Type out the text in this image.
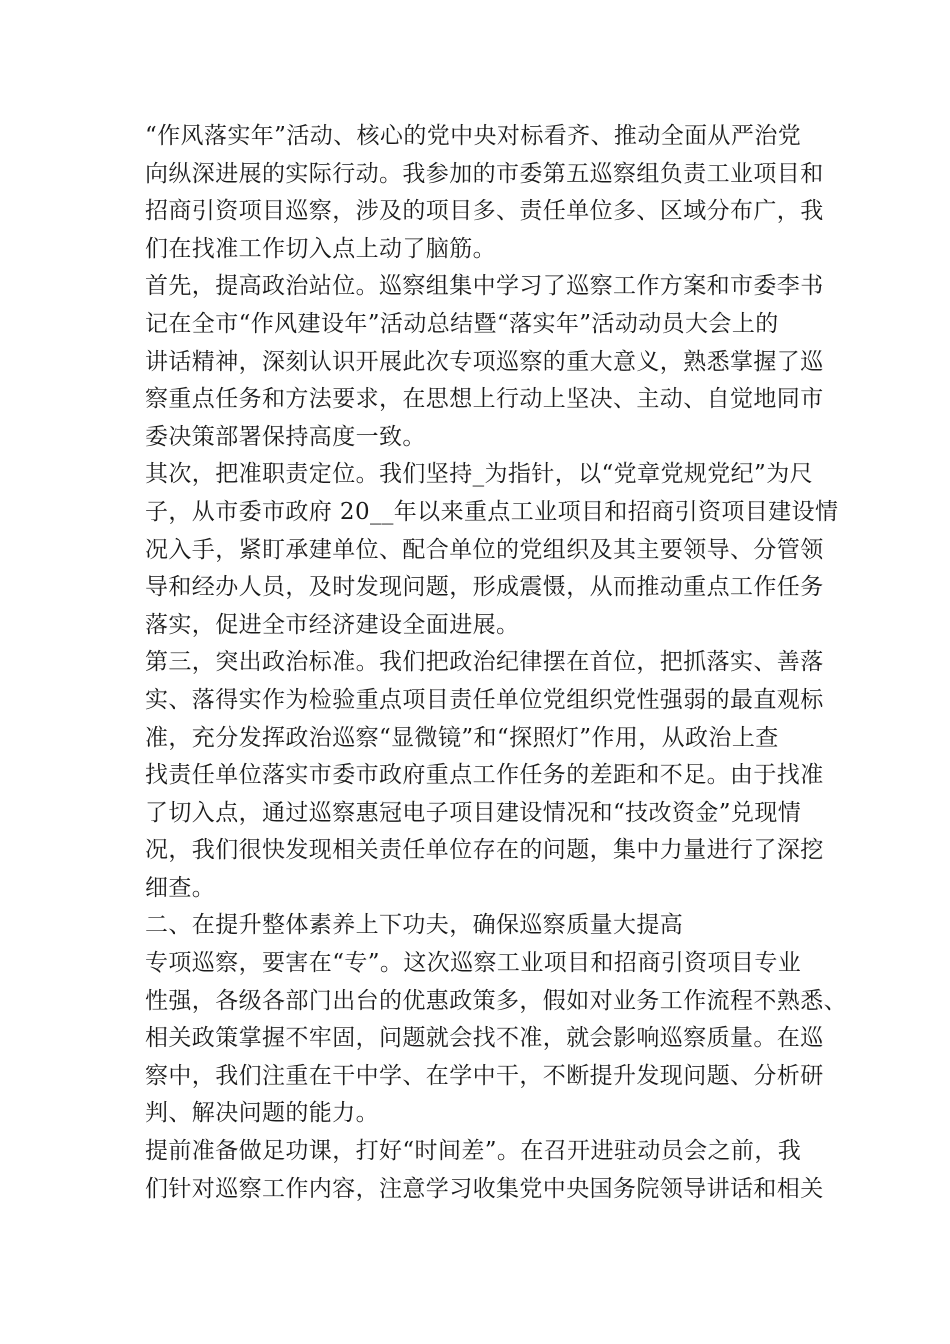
“作风落实年”活动、核心的党中央对标看齐、推动全面从严治党
向纵深进展的实际行动。我参加的市委第五巡察组负责工业项目和
招商引资项目巡察，涉及的项目多、责任单位多、区域分布广，我
们在找准工作切入点上动了脑筋。
首先，提高政治站位。巡察组集中学习了巡察工作方案和市委李书
记在全市“作风建设年”活动总结暨“落实年”活动动员大会上的
讲话精神，深刻认识开展此次专项巡察的重大意义，熟悉掌握了巡
察重点任务和方法要求，在思想上行动上坚决、主动、自觉地同市
委决策部署保持高度一致。
其次，把准职责定位。我们坚持_为指针，以“党章党规党纪”为尺
子，从市委市政府 20__年以来重点工业项目和招商引资项目建设情
况入手，紧盯承建单位、配合单位的党组织及其主要领导、分管领
导和经办人员，及时发现问题，形成震慑，从而推动重点工作任务
落实，促进全市经济建设全面进展。
第三，突出政治标准。我们把政治纪律摆在首位，把抓落实、善落
实、落得实作为检验重点项目责任单位党组织党性强弱的最直观标
准，充分发挥政治巡察“显微镜”和“探照灯”作用，从政治上查
找责任单位落实市委市政府重点工作任务的差距和不足。由于找准
了切入点，通过巡察惠冠电子项目建设情况和“技改资金”兑现情
况，我们很快发现相关责任单位存在的问题，集中力量进行了深挖
细查。
二、在提升整体素养上下功夫，确保巡察质量大提高
专项巡察，要害在“专”。这次巡察工业项目和招商引资项目专业
性强，各级各部门出台的优惠政策多，假如对业务工作流程不熟悉、
相关政策掌握不牢固，问题就会找不准，就会影响巡察质量。在巡
察中，我们注重在干中学、在学中干，不断提升发现问题、分析研
判、解决问题的能力。
提前准备做足功课，打好“时间差”。在召开进驻动员会之前，我
们针对巡察工作内容，注意学习收集党中央国务院领导讲话和相关
